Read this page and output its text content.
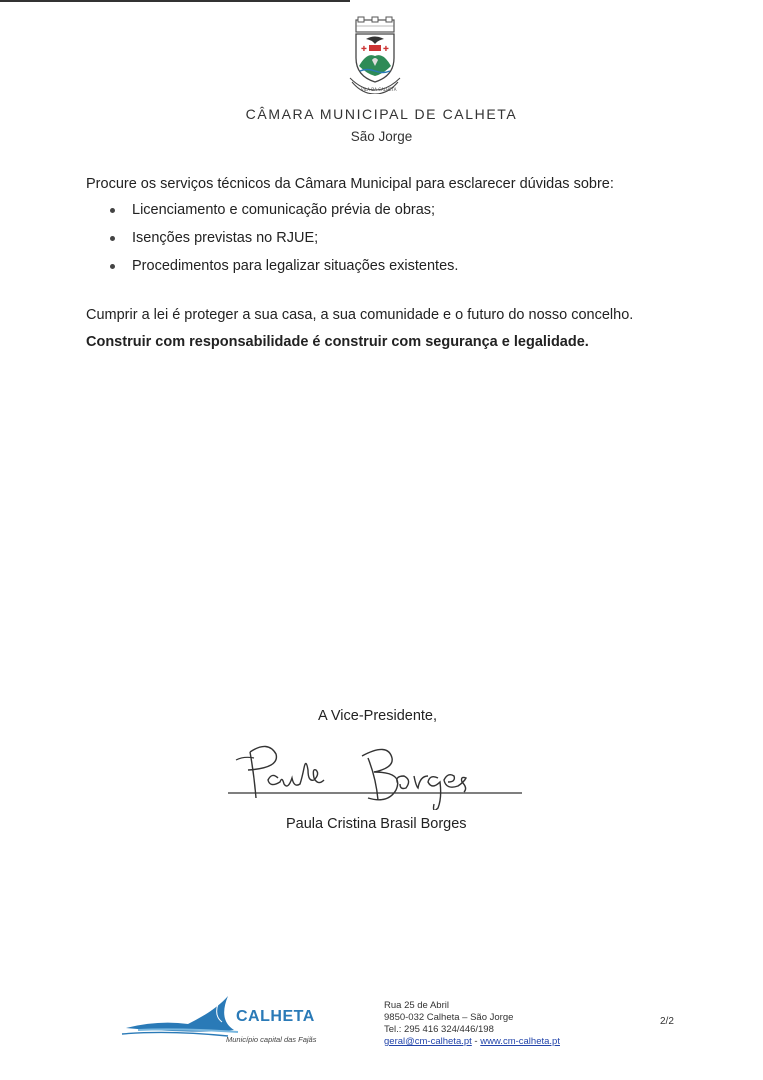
✚ ✚
VILA DA CALHETA
CÂMARA MUNICIPAL DE CALHETA
São Jorge
Procure os serviços técnicos da Câmara Municipal para esclarecer dúvidas sobre:
Licenciamento e comunicação prévia de obras;
Isenções previstas no RJUE;
Procedimentos para legalizar situações existentes.
Cumprir a lei é proteger a sua casa, a sua comunidade e o futuro do nosso concelho.
Construir com responsabilidade é construir com segurança e legalidade.
A Vice-Presidente,
Paula Cristina Brasil Borges
CALHETA
Município capital das Fajãs
Rua 25 de Abril
9850-032 Calheta – São Jorge
Tel.: 295 416 324/446/198
geral@cm-calheta.pt - www.cm-calheta.pt
2/2
